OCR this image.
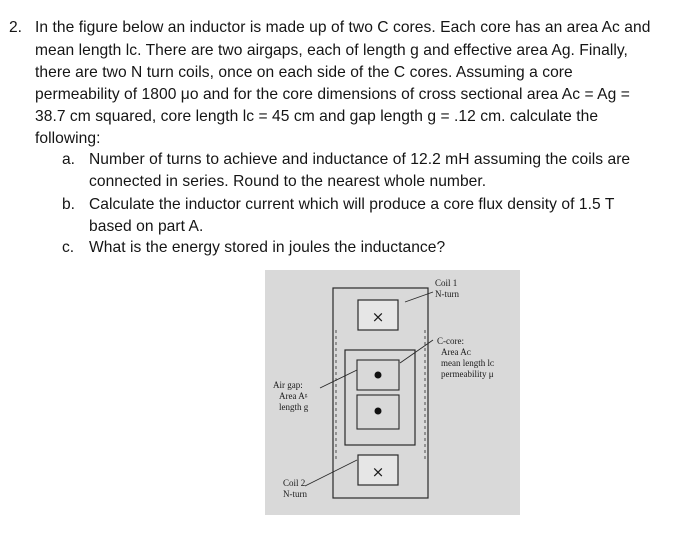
2. In the figure below an inductor is made up of two C cores. Each core has an area Ac and
mean length lc. There are two airgaps, each of length g and effective area Ag. Finally,
there are two N turn coils, once on each side of the C cores. Assuming a core
permeability of 1800 μo and for the core dimensions of cross sectional area Ac = Ag =
38.7 cm squared, core length lc = 45 cm and gap length g = .12 cm. calculate the
following:
a. Number of turns to achieve and inductance of 12.2 mH assuming the coils are
connected in series. Round to the nearest whole number.
b. Calculate the inductor current which will produce a core flux density of 1.5 T
based on part A.
c. What is the energy stored in joules the inductance?
×
×
Coil 1
N-turn
C-core:
Area Aᴄ
mean length lᴄ
permeability μ
Air gap:
Area Aᵍ
length g
Coil 2
N-turn
